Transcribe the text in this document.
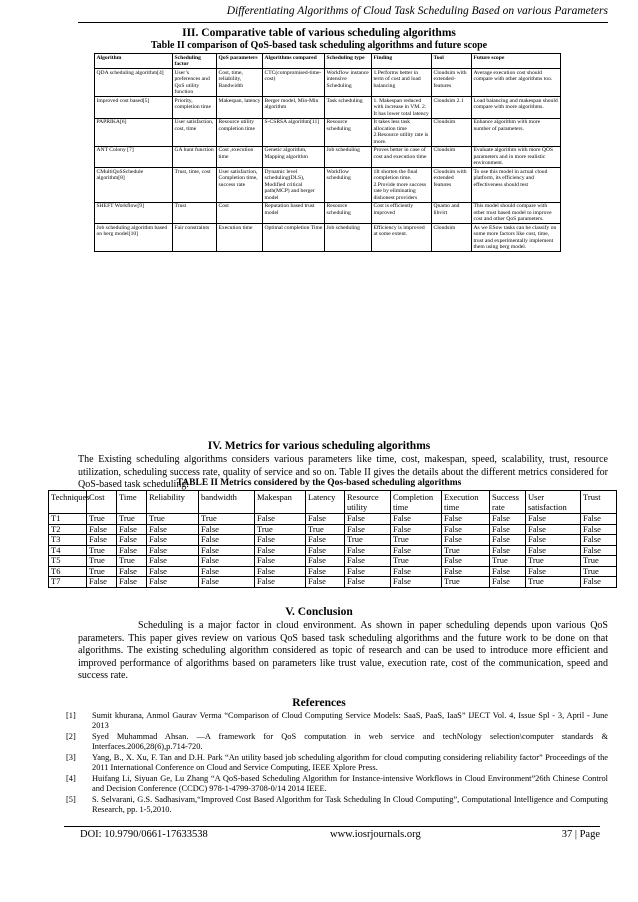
Differentiating Algorithms of Cloud Task Scheduling Based on various Parameters
III. Comparative table of various scheduling algorithms
Table II comparison of QoS-based task scheduling algorithms and future scope
Algorithm	Scheduling factor	QoS parameters	Algorithms compared	Scheduling type	Finding	Tool	Future scope
QDA scheduling algorithm[4]	User’s preferences and QoS utility function	Cost, time, reliability, Bandwidth	CTC(compromised-time-cost)	Workflow instance intensive Scheduling	1.Performs better in term of cost and load balancing	Cloudsim with extended-features	Average execution cost should compare with other algorithms too.
Improved cost based[5]	Priority, completion time	Makespan, latency	Berger model, Min-Min algorithm	Task scheduling	1. Makespan reduced with increase in VM. 2. It has lower total latency	Cloudsim 2.1	Load balancing and makespan should compare with more algorithms.
PAPRIKA[6]	User satisfaction, cost, time	Resource utility completion time	S-CSRSA algorithm[11]	Resource scheduling	It takes less task allocation time 2.Resource utility rate is more.	Cloudsim	Enhance algorithm with more number of parameters.
ANT Colony [7]	GA hunt function	Cost ,execution time	Genetic algorithm, Mapping algorithm	Job scheduling	Proves better in case of cost and execution time	Cloudsim	Evaluate algorithm with more QOS parameters and in more realistic environment.
CMultiQoSSchedule algorithm[8]	Trust, time, cost	User satisfaction, Completion time, success rate	Dynamic level scheduling(DLS), Modified critical path(MCP) and berger model	Workflow scheduling	1It shorten the final completion time. 2.Provide more success rate by eliminating dishonest providers	Cloudsim with extended features	To use this model in actual cloud platform, its efficiency and effectiveness should test
SHEFT Workflow[9]	Trust	Cost	Reputation based trust model	Resource scheduling	Cost is efficiently improved	Qnamo and libvirt	This model should compare with other trust based model to improve cost and other QoS parameters.
Job scheduling algorithm based on berg model[10]	Fair constraints	Execution time	Optimal completion Time	Job scheduling	Efficiency is improved at some extent.	Cloudsim	As we ESow tasks can be classify on some more factors like cost, time, trust and experimentally implement them using berg model.
IV. Metrics for various scheduling algorithms
The Existing scheduling algorithms considers various parameters like time, cost, makespan, speed, scalability, trust, resource utilization, scheduling success rate, quality of service and so on. Table II gives the details about the different metrics considered for QoS-based task scheduling.
TABLE II Metrics considered by the Qos-based scheduling algorithms
Techniques	Cost	Time	Reliability	bandwidth	Makespan	Latency	Resource utility	Completion time	Execution time	Success rate	User satisfaction	Trust
T1	True	True	True	True	False	False	False	False	False	False	False	False
T2	False	False	False	False	True	True	False	False	False	False	False	False
T3	False	False	False	False	False	False	True	True	False	False	False	False
T4	True	False	False	False	False	False	False	False	True	False	False	False
T5	True	True	False	False	False	False	False	True	False	True	True	True
T6	True	False	False	False	False	False	False	False	False	False	False	True
T7	False	False	False	False	False	False	False	False	True	False	True	False
V. Conclusion
Scheduling is a major factor in cloud environment. As shown in paper scheduling depends upon various QoS parameters. This paper gives review on various QoS based task scheduling algorithms and the future work to be done on that algorithms. The existing scheduling algorithm considered as topic of research and can be used to introduce more efficient and improved performance of algorithms based on parameters like trust value, execution rate, cost of the communication, speed and success rate.
References
[1] Sumit khurana, Anmol Gaurav Verma “Comparison of Cloud Computing Service Models: SaaS, PaaS, IaaS” IJECT Vol. 4, Issue Spl - 3, April - June 2013
[2] Syed Muhammad Ahsan. ―A framework for QoS computation in web service and techNology selection\computer standards & Interfaces.2006,28(6),p.714-720.
[3] Yang, B., X. Xu, F. Tan and D.H. Park “An utility based job scheduling algorithm for cloud computing considering reliability factor” Proceedings of the 2011 International Conference on Cloud and Service Computing, IEEE Xplore Press.
[4] Huifang Li, Siyuan Ge, Lu Zhang “A QoS-based Scheduling Algorithm for Instance-intensive Workflows in Cloud Environment”26th Chinese Control and Decision Conference (CCDC) 978-1-4799-3708-0/14 2014 IEEE.
[5] S. Selvarani, G.S. Sadhasivam,“Improved Cost Based Algorithm for Task Scheduling In Cloud Computing”, Computational Intelligence and Computing Research, pp. 1-5,2010.
DOI: 10.9790/0661-17633538	www.iosrjournals.org	37 | Page
